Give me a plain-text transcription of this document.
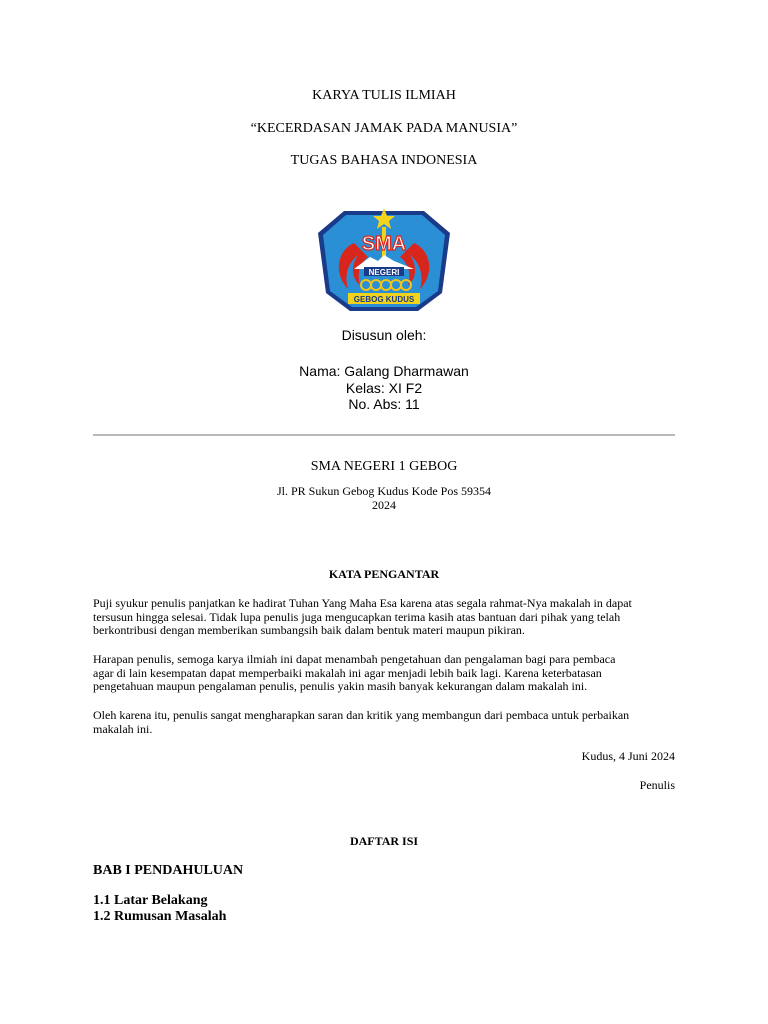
KARYA TULIS ILMIAH
“KECERDASAN JAMAK PADA MANUSIA”
TUGAS BAHASA INDONESIA
SMA
NEGERI
GEBOG KUDUS
Disusun oleh:
Nama: Galang Dharmawan
Kelas: XI F2
No. Abs: 11
SMA NEGERI 1 GEBOG
Jl. PR Sukun Gebog Kudus Kode Pos 59354
2024
KATA PENGANTAR

Puji syukur penulis panjatkan ke hadirat Tuhan Yang Maha Esa karena atas segala rahmat-Nya makalah in dapat
tersusun hingga selesai. Tidak lupa penulis juga mengucapkan terima kasih atas bantuan dari pihak yang telah
berkontribusi dengan memberikan sumbangsih baik dalam bentuk materi maupun pikiran.

Harapan penulis, semoga karya ilmiah ini dapat menambah pengetahuan dan pengalaman bagi para pembaca
agar di lain kesempatan dapat memperbaiki makalah ini agar menjadi lebih baik lagi. Karena keterbatasan
pengetahuan maupun pengalaman penulis, penulis yakin masih banyak kekurangan dalam makalah ini.

Oleh karena itu, penulis sangat mengharapkan saran dan kritik yang membangun dari pembaca untuk perbaikan
makalah ini.

Kudus, 4 Juni 2024
Penulis
DAFTAR ISI
BAB I PENDAHULUAN
1.1 Latar Belakang
1.2 Rumusan Masalah
